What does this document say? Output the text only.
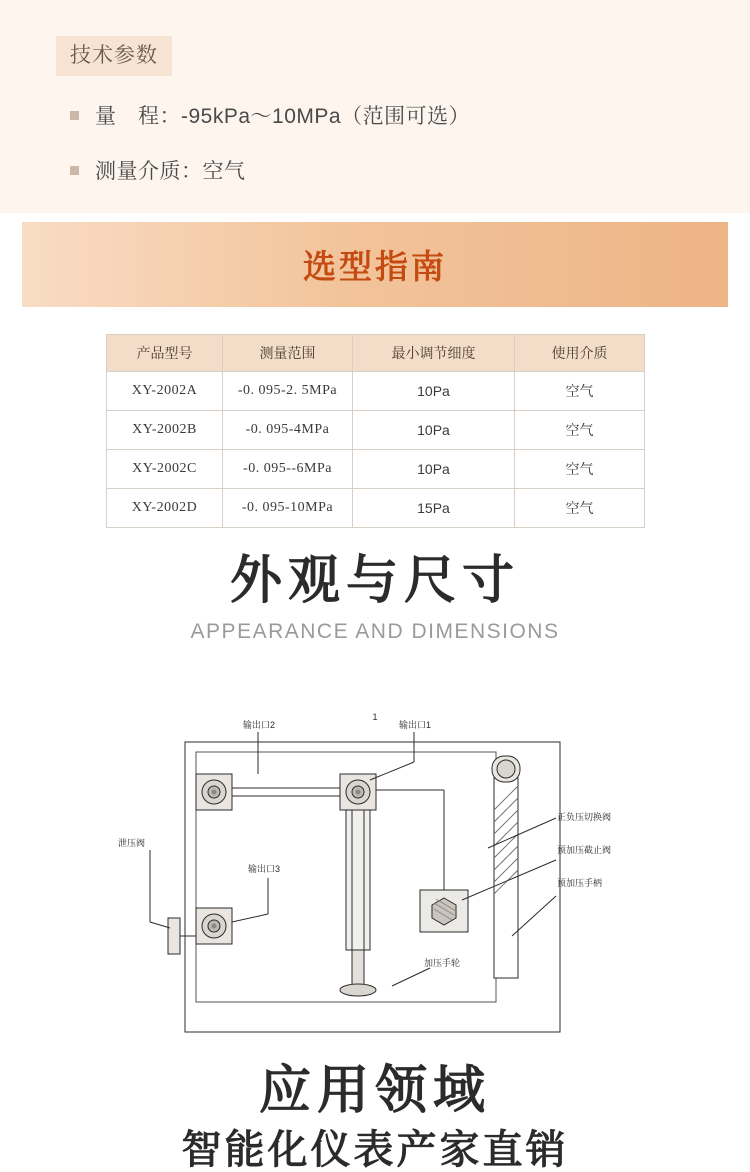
技术参数
量　程：-95kPa～10MPa（范围可选）
测量介质：空气
选型指南
产品型号	测量范围	最小调节细度	使用介质
XY-2002A	-0. 095-2. 5MPa	10Pa	空气
XY-2002B	-0. 095-4MPa	10Pa	空气
XY-2002C	-0. 095--6MPa	10Pa	空气
XY-2002D	-0. 095-10MPa	15Pa	空气
外观与尺寸
APPEARANCE AND DIMENSIONS
1
输出口2	输出口1
输出口3
泄压阀
正负压切换阀
预加压截止阀
预加压手柄
加压手轮
应用领域
智能化仪表产家直销
